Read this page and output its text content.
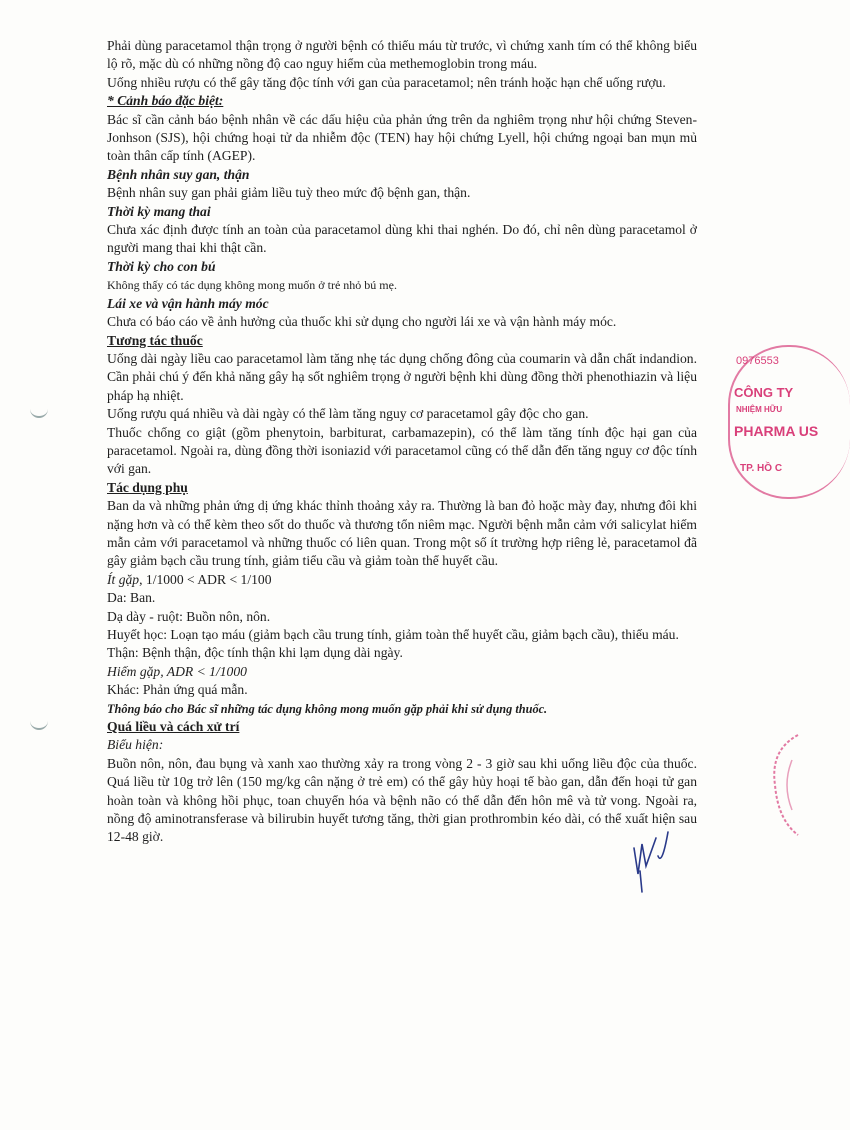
Phải dùng paracetamol thận trọng ở người bệnh có thiếu máu từ trước, vì chứng xanh tím có thể không biểu lộ rõ, mặc dù có những nồng độ cao nguy hiểm của methemoglobin trong máu.

Uống nhiều rượu có thể gây tăng độc tính với gan của paracetamol; nên tránh hoặc hạn chế uống rượu.

* Cảnh báo đặc biệt:

Bác sĩ cần cảnh báo bệnh nhân về các dấu hiệu của phản ứng trên da nghiêm trọng như hội chứng Steven-Jonhson (SJS), hội chứng hoại tử da nhiễm độc (TEN) hay hội chứng Lyell, hội chứng ngoại ban mụn mủ toàn thân cấp tính (AGEP).

Bệnh nhân suy gan, thận

Bệnh nhân suy gan phải giảm liều tuỳ theo mức độ bệnh gan, thận.

Thời kỳ mang thai

Chưa xác định được tính an toàn của paracetamol dùng khi thai nghén. Do đó, chỉ nên dùng paracetamol ở người mang thai khi thật cần.

Thời kỳ cho con bú

Không thấy có tác dụng không mong muốn ở trẻ nhỏ bú mẹ.

Lái xe và vận hành máy móc

Chưa có báo cáo về ảnh hưởng của thuốc khi sử dụng cho người lái xe và vận hành máy móc.

Tương tác thuốc

Uống dài ngày liều cao paracetamol làm tăng nhẹ tác dụng chống đông của coumarin và dẫn chất indandion.

Cần phải chú ý đến khả năng gây hạ sốt nghiêm trọng ở người bệnh khi dùng đồng thời phenothiazin và liệu pháp hạ nhiệt.

Uống rượu quá nhiều và dài ngày có thể làm tăng nguy cơ paracetamol gây độc cho gan.

Thuốc chống co giật (gồm phenytoin, barbiturat, carbamazepin), có thể làm tăng tính độc hại gan của paracetamol. Ngoài ra, dùng đồng thời isoniazid với paracetamol cũng có thể dẫn đến tăng nguy cơ độc tính với gan.

Tác dụng phụ

Ban da và những phản ứng dị ứng khác thỉnh thoảng xảy ra. Thường là ban đỏ hoặc mày đay, nhưng đôi khi nặng hơn và có thể kèm theo sốt do thuốc và thương tổn niêm mạc. Người bệnh mẫn cảm với salicylat hiếm mẫn cảm với paracetamol và những thuốc có liên quan. Trong một số ít trường hợp riêng lẻ, paracetamol đã gây giảm bạch cầu trung tính, giảm tiểu cầu và giảm toàn thể huyết cầu.

Ít gặp, 1/1000 < ADR < 1/100

Da: Ban.

Dạ dày - ruột: Buồn nôn, nôn.

Huyết học: Loạn tạo máu (giảm bạch cầu trung tính, giảm toàn thể huyết cầu, giảm bạch cầu), thiếu máu.

Thận: Bệnh thận, độc tính thận khi lạm dụng dài ngày.

Hiếm gặp, ADR < 1/1000

Khác: Phản ứng quá mẫn.

Thông báo cho Bác sĩ những tác dụng không mong muốn gặp phải khi sử dụng thuốc.

Quá liều và cách xử trí

Biểu hiện:

Buồn nôn, nôn, đau bụng và xanh xao thường xảy ra trong vòng 2 - 3 giờ sau khi uống liều độc của thuốc. Quá liều từ 10g trở lên (150 mg/kg cân nặng ở trẻ em) có thể gây hủy hoại tế bào gan, dẫn đến hoại tử gan hoàn toàn và không hồi phục, toan chuyển hóa và bệnh não có thể dẫn đến hôn mê và tử vong. Ngoài ra, nồng độ aminotransferase và bilirubin huyết tương tăng, thời gian prothrombin kéo dài, có thể xuất hiện sau 12-48 giờ.

0976553
CÔNG TY
NHIỆM HỮU
PHARMA US
TP. HỒ C
